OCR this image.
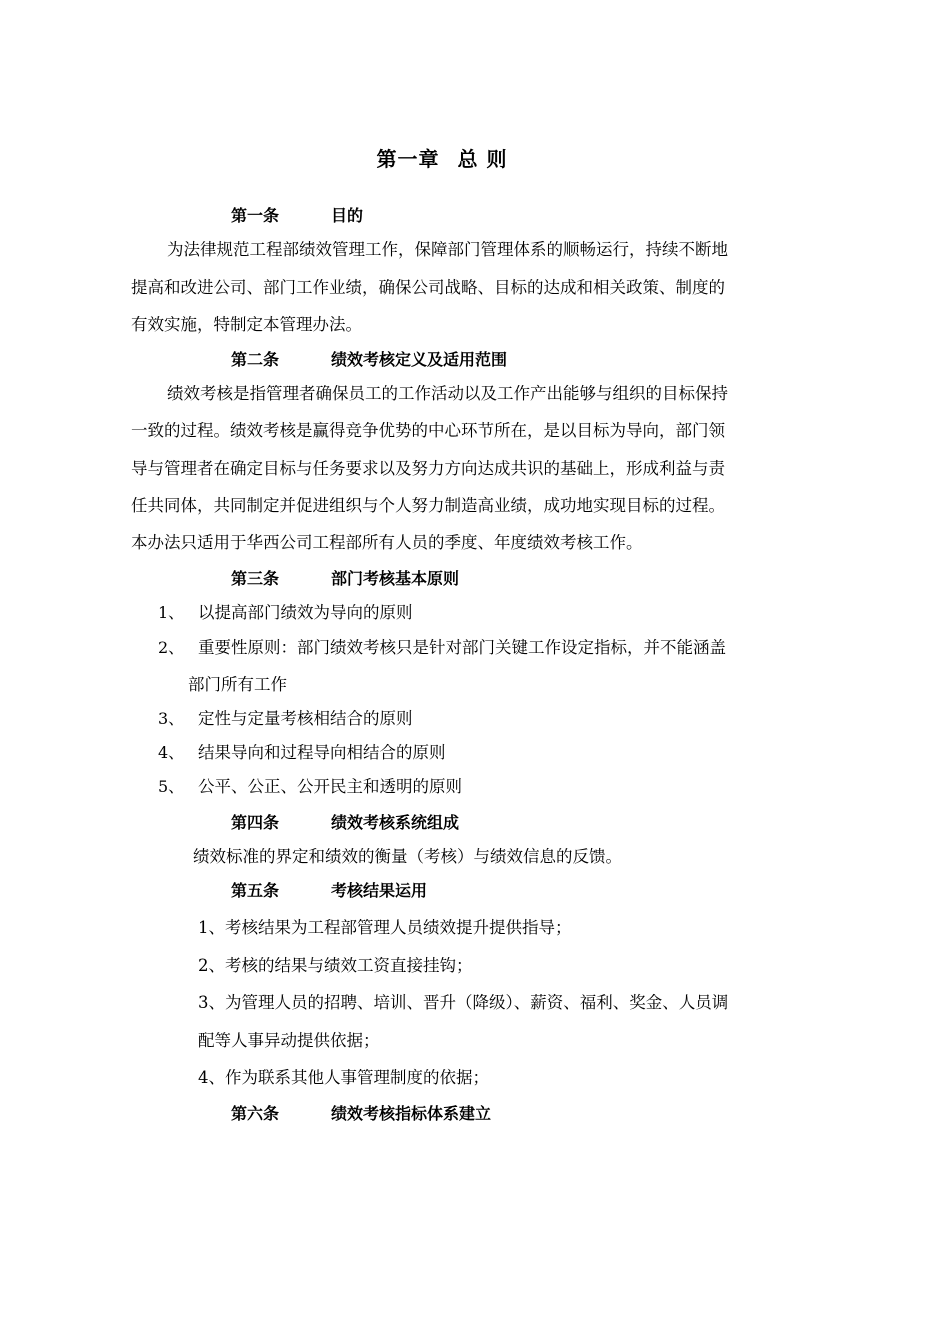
第一章 总 则
第一条	目的
为法律规范工程部绩效管理工作，保障部门管理体系的顺畅运行，持续不断地
提高和改进公司、部门工作业绩，确保公司战略、目标的达成和相关政策、制度的
有效实施，特制定本管理办法。
第二条	绩效考核定义及适用范围
绩效考核是指管理者确保员工的工作活动以及工作产出能够与组织的目标保持
一致的过程。绩效考核是赢得竞争优势的中心环节所在，是以目标为导向，部门领
导与管理者在确定目标与任务要求以及努力方向达成共识的基础上，形成利益与责
任共同体，共同制定并促进组织与个人努力制造高业绩，成功地实现目标的过程。
本办法只适用于华西公司工程部所有人员的季度、年度绩效考核工作。
第三条	部门考核基本原则
1、 以提高部门绩效为导向的原则
2、 重要性原则：部门绩效考核只是针对部门关键工作设定指标，并不能涵盖
部门所有工作
3、 定性与定量考核相结合的原则
4、 结果导向和过程导向相结合的原则
5、 公平、公正、公开民主和透明的原则
第四条	绩效考核系统组成
绩效标准的界定和绩效的衡量（考核）与绩效信息的反馈。
第五条	考核结果运用
1、考核结果为工程部管理人员绩效提升提供指导；
2、考核的结果与绩效工资直接挂钩；
3、为管理人员的招聘、培训、晋升（降级）、薪资、福利、奖金、人员调
配等人事异动提供依据；
4、作为联系其他人事管理制度的依据；
第六条	绩效考核指标体系建立
